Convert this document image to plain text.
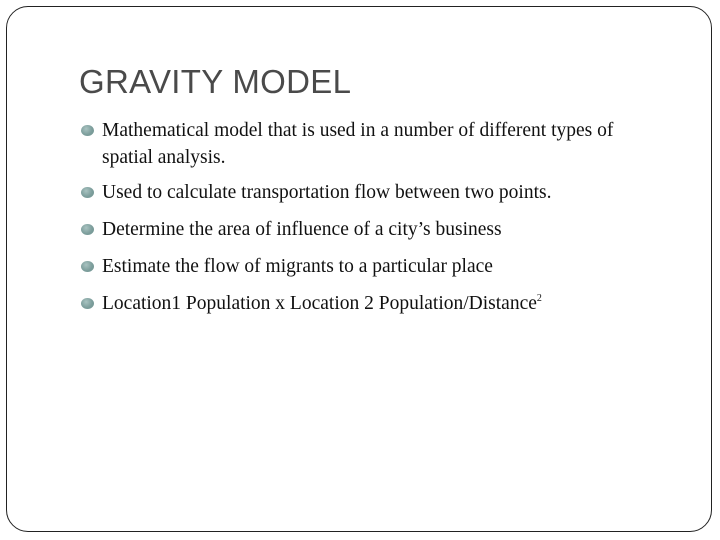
GRAVITY MODEL
Mathematical model that is used in a number of different types of spatial analysis.
Used to calculate transportation flow between two points.
Determine the area of influence of a city’s business
Estimate the flow of migrants to a particular place
Location1 Population x Location 2 Population/Distance$^2$
